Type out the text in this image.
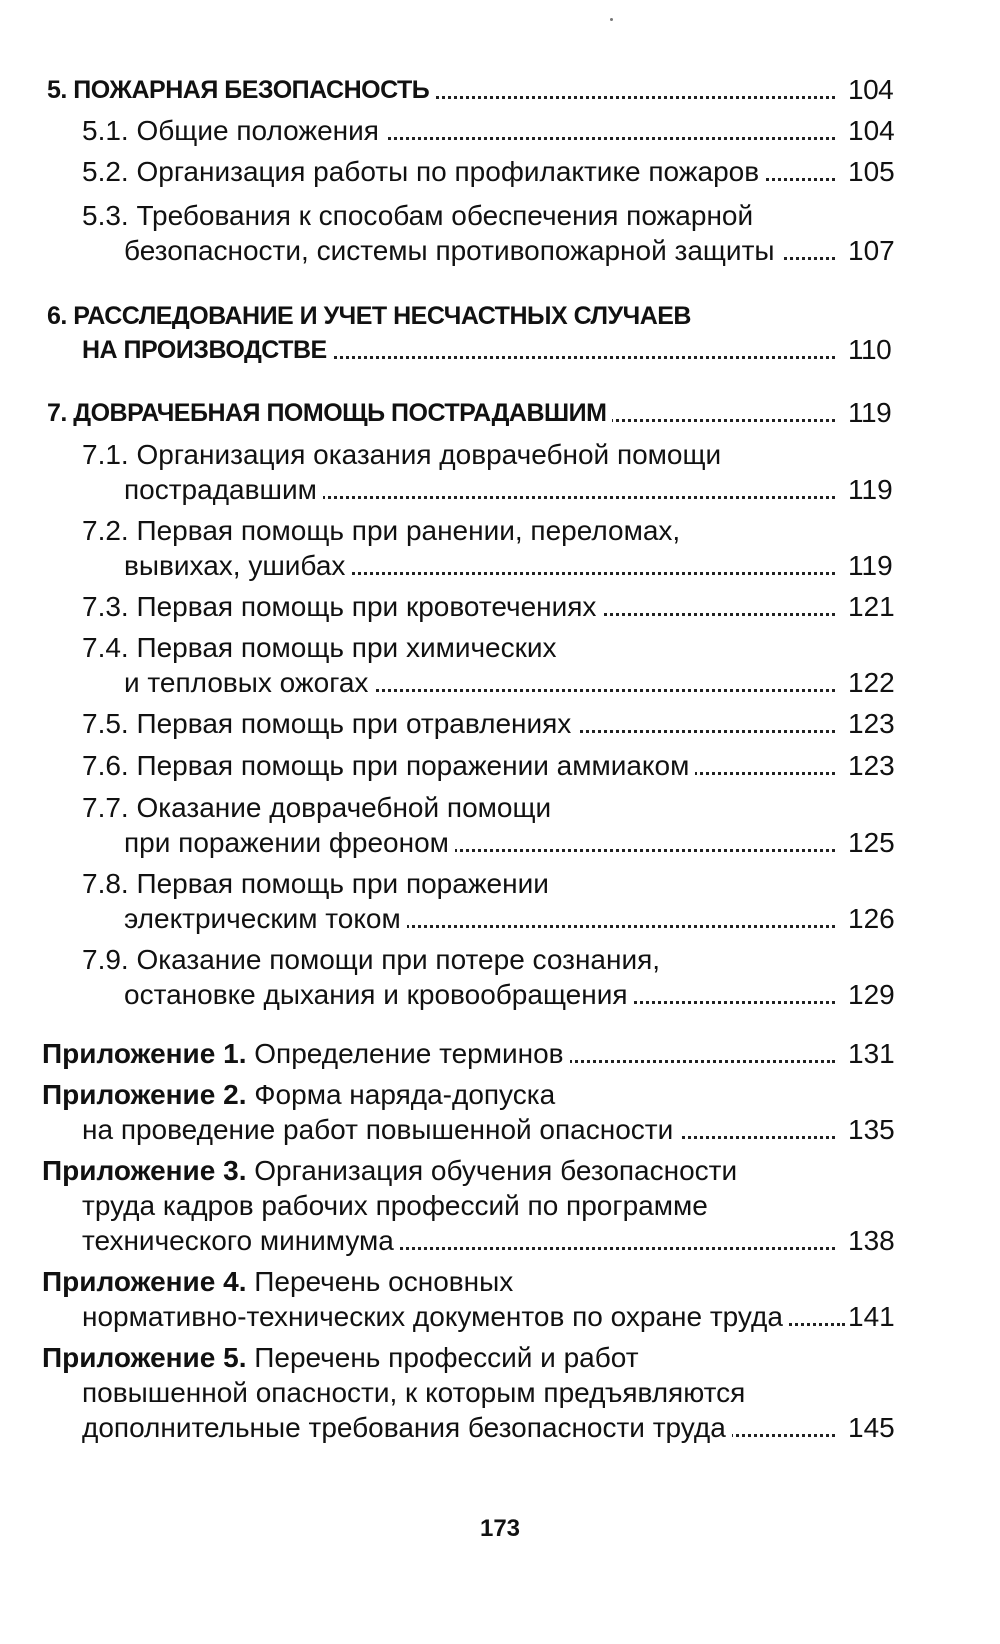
5. ПОЖАРНАЯ БЕЗОПАСНОСТЬ	104
5.1. Общие положения	104
5.2. Организация работы по профилактике пожаров	105
5.3. Требования к способам обеспечения пожарной
безопасности, системы противопожарной защиты	107
6. РАССЛЕДОВАНИЕ И УЧЕТ НЕСЧАСТНЫХ СЛУЧАЕВ
НА ПРОИЗВОДСТВЕ	110
7. ДОВРАЧЕБНАЯ ПОМОЩЬ ПОСТРАДАВШИМ	119
7.1. Организация оказания доврачебной помощи
пострадавшим	119
7.2. Первая помощь при ранении, переломах,
вывихах, ушибах	119
7.3. Первая помощь при кровотечениях	121
7.4. Первая помощь при химических
и тепловых ожогах	122
7.5. Первая помощь при отравлениях	123
7.6. Первая помощь при поражении аммиаком	123
7.7. Оказание доврачебной помощи
при поражении фреоном	125
7.8. Первая помощь при поражении
электрическим током	126
7.9. Оказание помощи при потере сознания,
остановке дыхания и кровообращения	129
Приложение 1. Определение терминов	131
Приложение 2. Форма наряда-допуска
на проведение работ повышенной опасности	135
Приложение 3. Организация обучения безопасности
труда кадров рабочих профессий по программе
технического минимума	138
Приложение 4. Перечень основных
нормативно-технических документов по охране труда	141
Приложение 5. Перечень профессий и работ
повышенной опасности, к которым предъявляются
дополнительные требования безопасности труда	145
173
